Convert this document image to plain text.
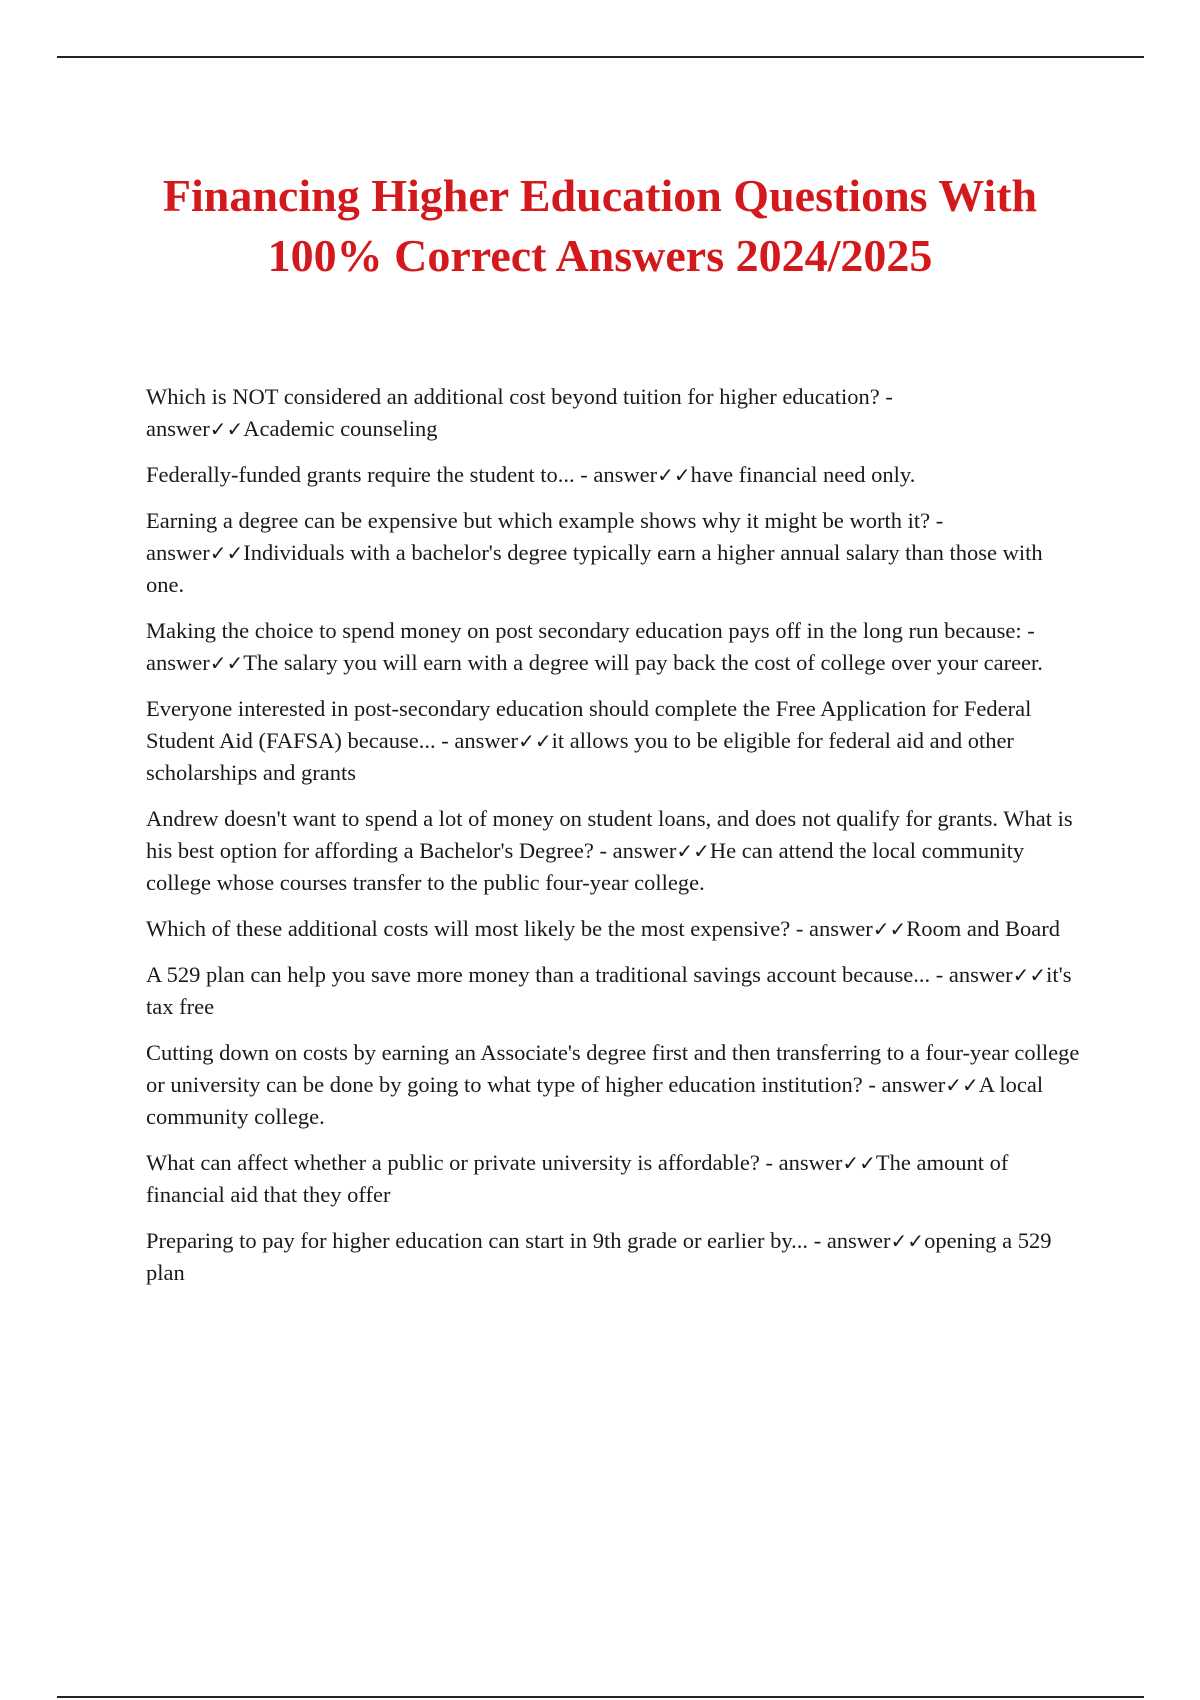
Financing Higher Education Questions With
100% Correct Answers 2024/2025
Which is NOT considered an additional cost beyond tuition for higher education? - answer✓✓Academic counseling
Federally-funded grants require the student to... - answer✓✓have financial need only.
Earning a degree can be expensive but which example shows why it might be worth it? - answer✓✓Individuals with a bachelor's degree typically earn a higher annual salary than those with one.
Making the choice to spend money on post secondary education pays off in the long run because: - answer✓✓The salary you will earn with a degree will pay back the cost of college over your career.
Everyone interested in post-secondary education should complete the Free Application for Federal Student Aid (FAFSA) because... - answer✓✓it allows you to be eligible for federal aid and other scholarships and grants
Andrew doesn't want to spend a lot of money on student loans, and does not qualify for grants. What is his best option for affording a Bachelor's Degree? - answer✓✓He can attend the local community college whose courses transfer to the public four-year college.
Which of these additional costs will most likely be the most expensive? - answer✓✓Room and Board
A 529 plan can help you save more money than a traditional savings account because... - answer✓✓it's tax free
Cutting down on costs by earning an Associate's degree first and then transferring to a four-year college or university can be done by going to what type of higher education institution? - answer✓✓A local community college.
What can affect whether a public or private university is affordable? - answer✓✓The amount of financial aid that they offer
Preparing to pay for higher education can start in 9th grade or earlier by... - answer✓✓opening a 529 plan
